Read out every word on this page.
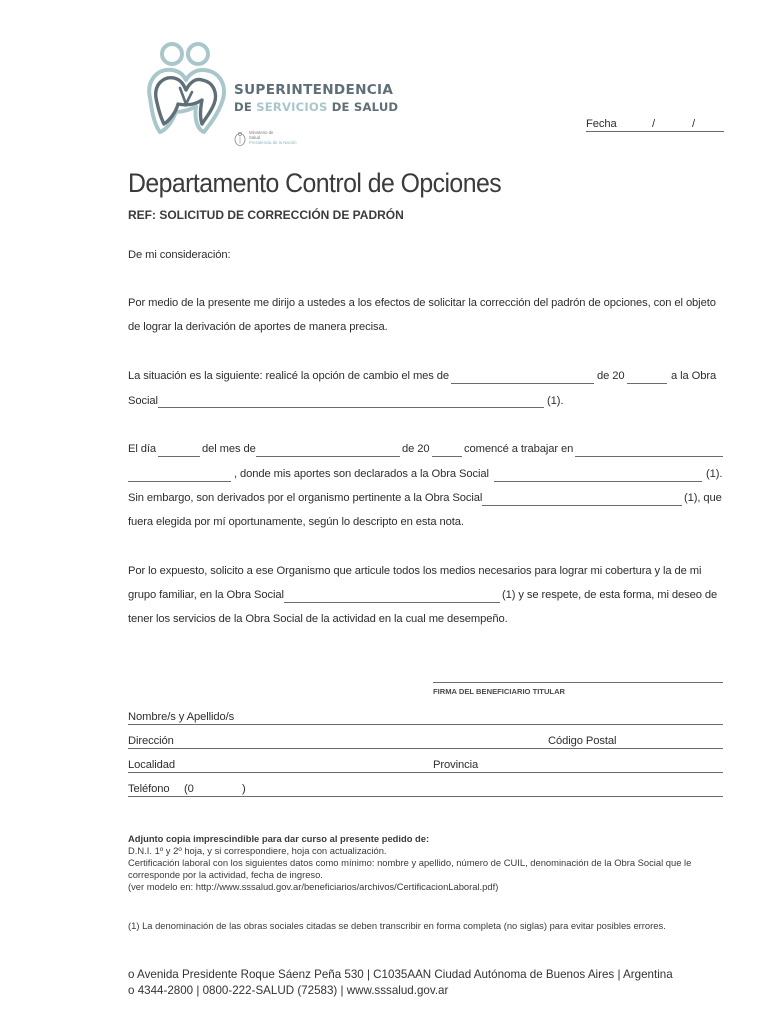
SUPERINTENDENCIA
DE SERVICIOS DE SALUD
Ministerio de
Salud
Presidencia de la Nación
Fecha	/	/
Departamento Control de Opciones
REF: SOLICITUD DE CORRECCIÓN DE PADRÓN
De mi consideración:
Por medio de la presente me dirijo a ustedes a los efectos de solicitar la corrección del padrón de opciones, con el objeto
de lograr la derivación de aportes de manera precisa.
La situación es la siguiente: realicé la opción de cambio el mes de	de 20	a la Obra
Social	(1).
El día	del mes de	de 20	comencé a trabajar en
, donde mis aportes son declarados a la Obra Social	(1).
Sin embargo, son derivados por el organismo pertinente a la Obra Social	(1), que
fuera elegida por mí oportunamente, según lo descripto en esta nota.
Por lo expuesto, solicito a ese Organismo que articule todos los medios necesarios para lograr mi cobertura y la de mi
grupo familiar, en la Obra Social	(1) y se respete, de esta forma, mi deseo de
tener los servicios de la Obra Social de la actividad en la cual me desempeño.
FIRMA DEL BENEFICIARIO TITULAR
Nombre/s y Apellido/s
Dirección	Código Postal
Localidad	Provincia
Teléfono (0	)
Adjunto copia imprescindible para dar curso al presente pedido de:
D.N.I. 1º y 2º hoja, y si correspondiere, hoja con actualización.
Certificación laboral con los siguientes datos como mínimo: nombre y apellido, número de CUIL, denominación de la Obra Social que le
corresponde por la actividad, fecha de ingreso.
(ver modelo en: http://www.sssalud.gov.ar/beneficiarios/archivos/CertificacionLaboral.pdf)
(1) La denominación de las obras sociales citadas se deben transcribir en forma completa (no siglas) para evitar posibles errores.
o Avenida Presidente Roque Sáenz Peña 530 | C1035AAN Ciudad Autónoma de Buenos Aires | Argentina
o 4344-2800 | 0800-222-SALUD (72583) | www.sssalud.gov.ar
